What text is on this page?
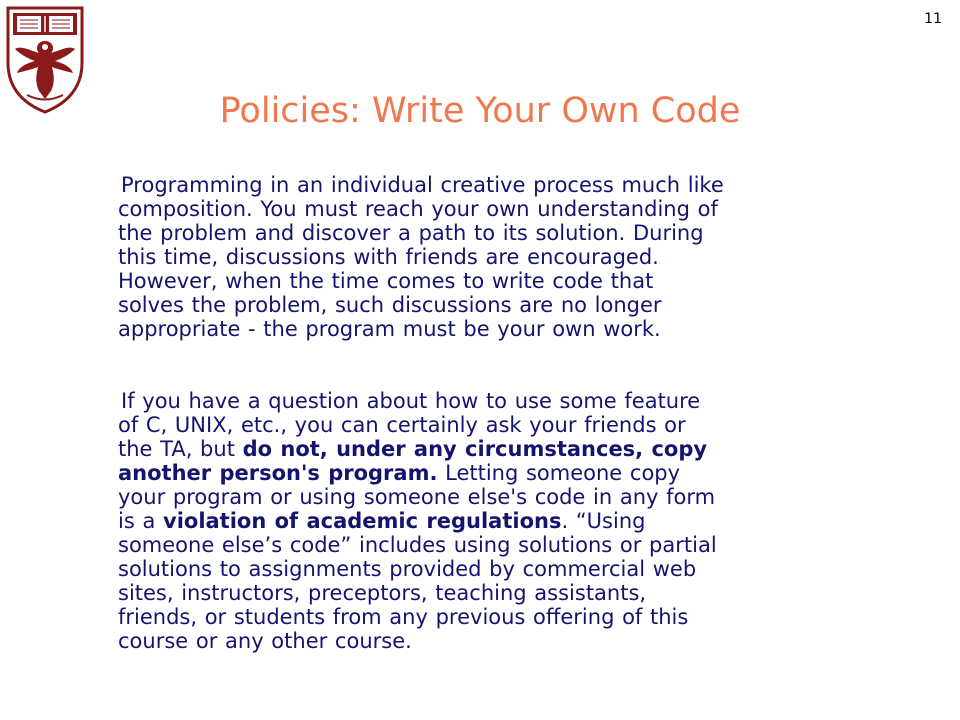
11
Policies: Write Your Own Code
Programming in an individual creative process much like
composition. You must reach your own understanding of
the problem and discover a path to its solution. During
this time, discussions with friends are encouraged.
However, when the time comes to write code that
solves the problem, such discussions are no longer
appropriate - the program must be your own work.
If you have a question about how to use some feature
of C, UNIX, etc., you can certainly ask your friends or
the TA, but do not, under any circumstances, copy
another person's program. Letting someone copy
your program or using someone else's code in any form
is a violation of academic regulations. “Using
someone else’s code” includes using solutions or partial
solutions to assignments provided by commercial web
sites, instructors, preceptors, teaching assistants,
friends, or students from any previous offering of this
course or any other course.
